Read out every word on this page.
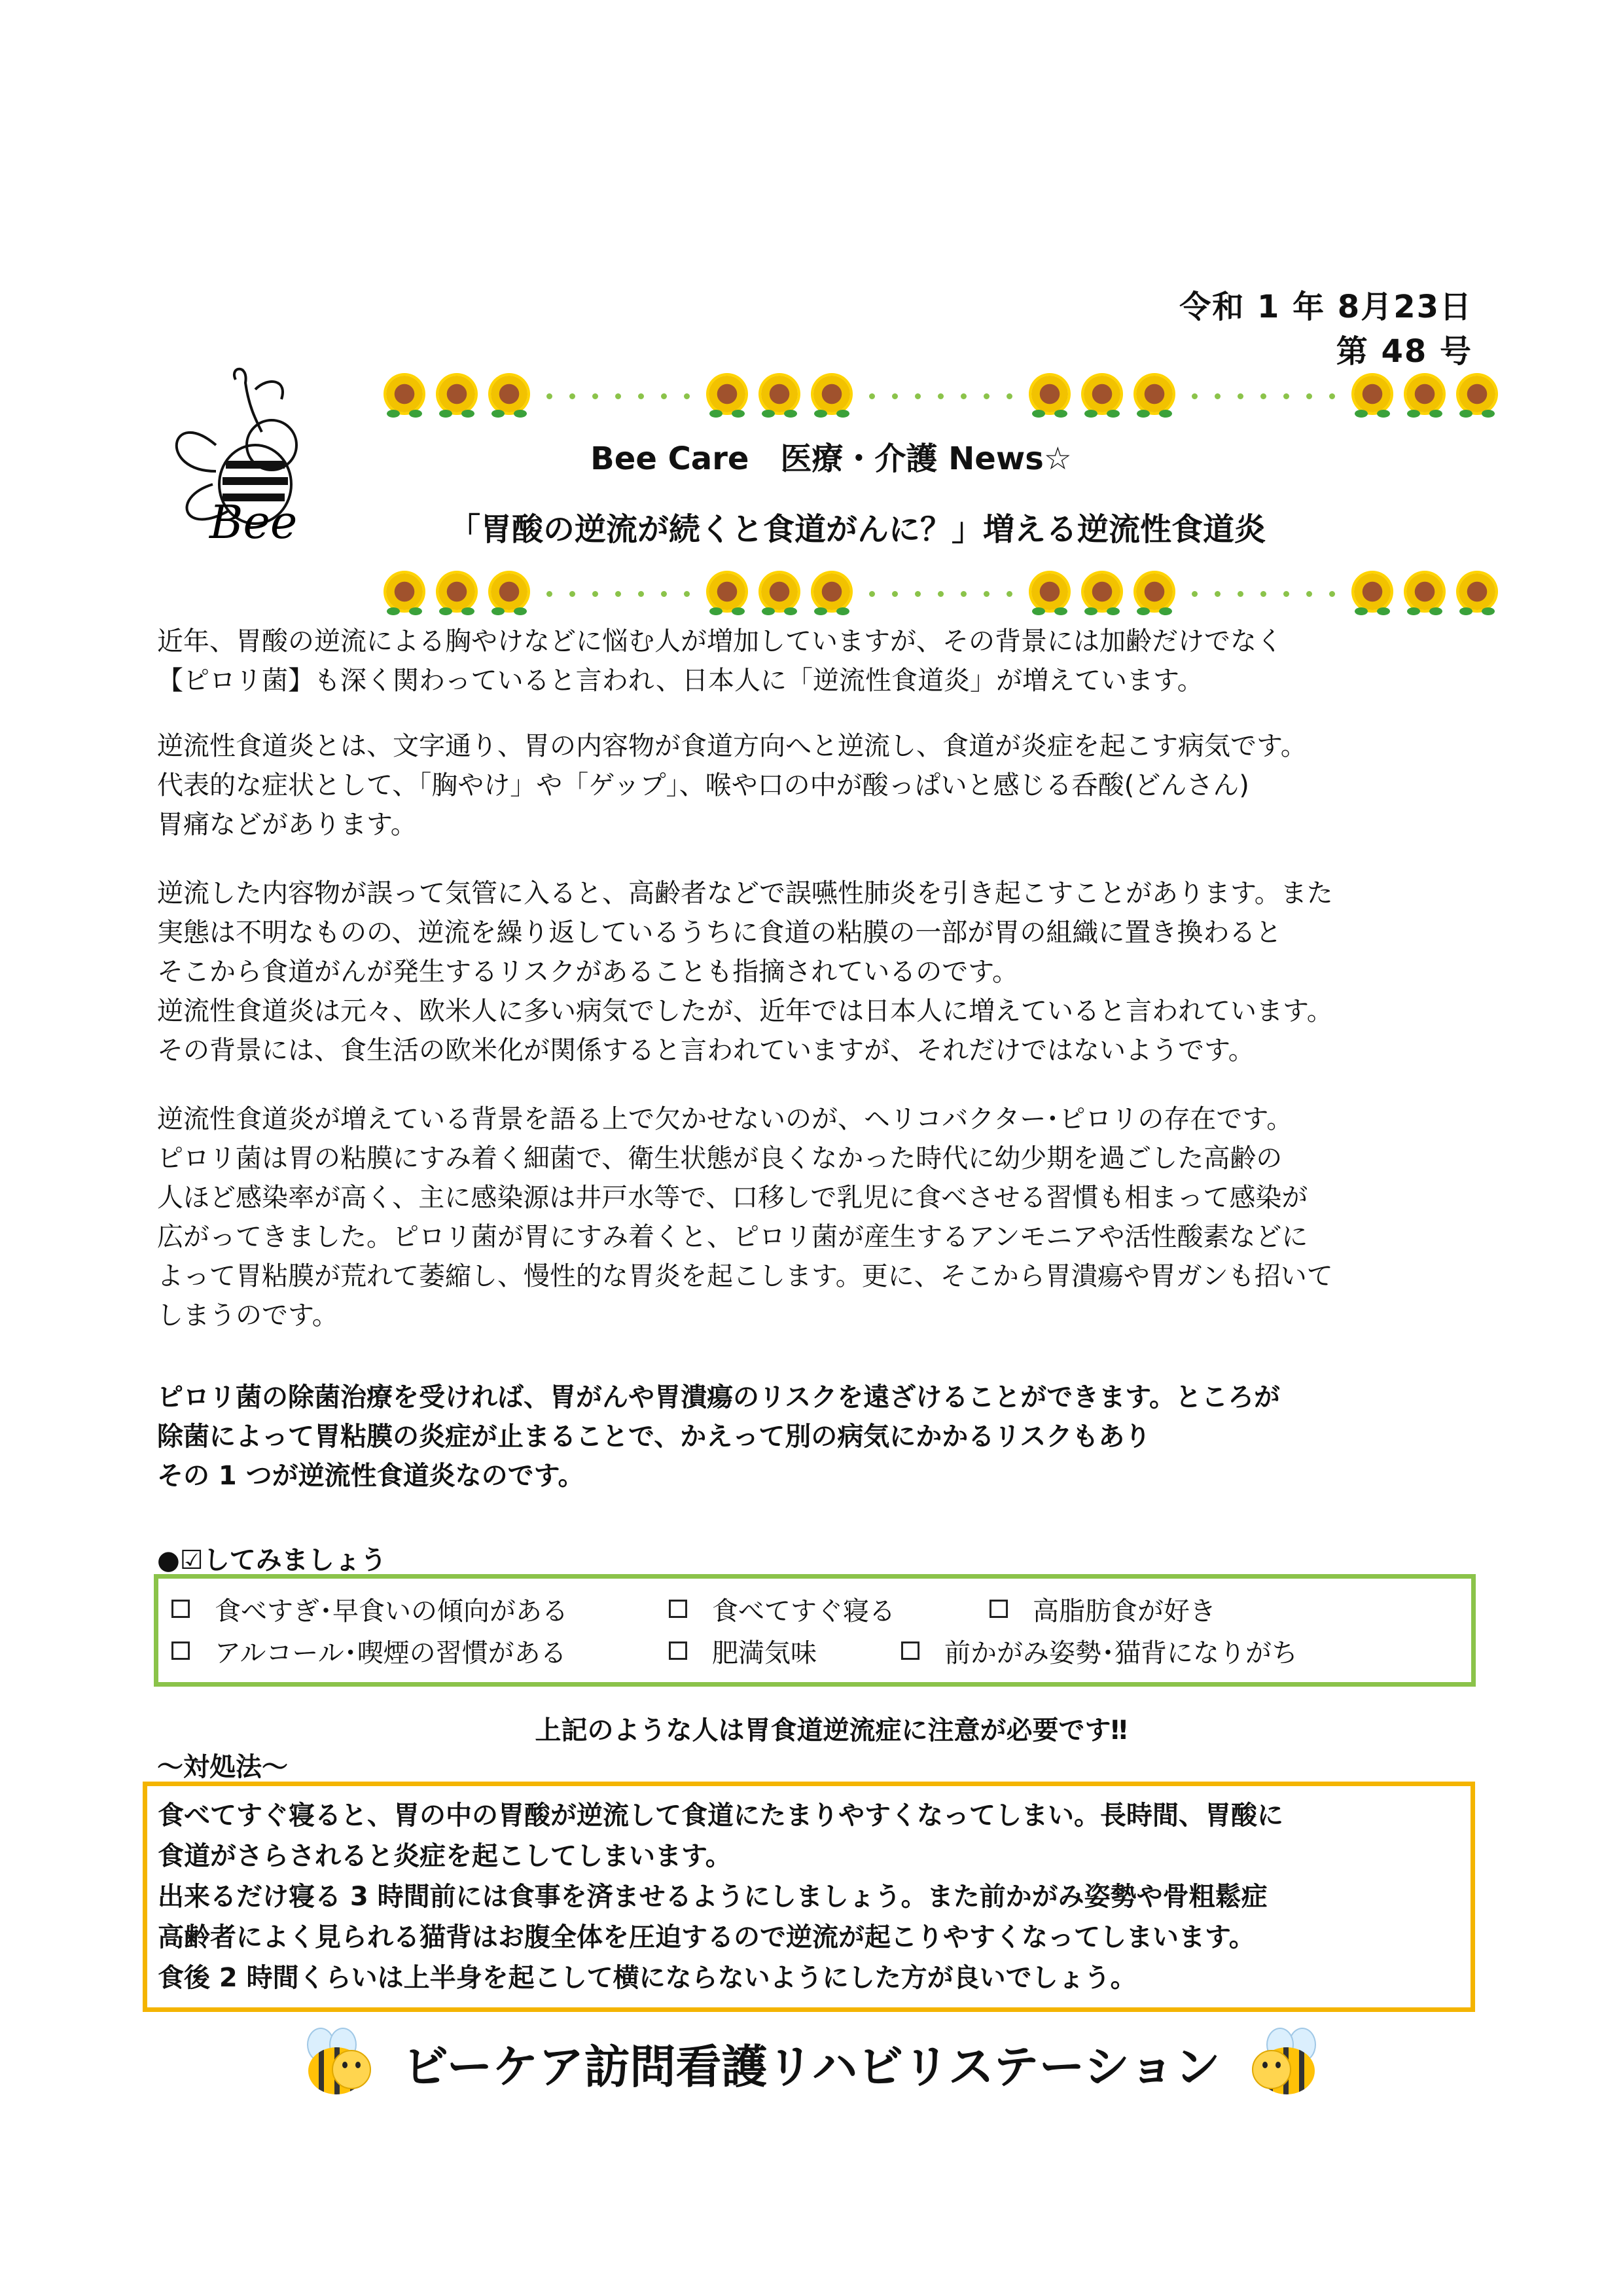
令和 1 年 8月23日
第 48 号
Bee
Bee Care　医療・介護 News☆
「胃酸の逆流が続くと食道がんに？」増える逆流性食道炎

近年、胃酸の逆流による胸やけなどに悩む人が増加していますが、その背景には加齢だけでなく

【ピロリ菌】も深く関わっていると言われ、日本人に「逆流性食道炎」が増えています。

逆流性食道炎とは、文字通り、胃の内容物が食道方向へと逆流し、食道が炎症を起こす病気です。

代表的な症状として、「胸やけ」や「ゲップ」、喉や口の中が酸っぱいと感じる呑酸(どんさん)

胃痛などがあります。

逆流した内容物が誤って気管に入ると、高齢者などで誤嚥性肺炎を引き起こすことがあります。また

実態は不明なものの、逆流を繰り返しているうちに食道の粘膜の一部が胃の組織に置き換わると

そこから食道がんが発生するリスクがあることも指摘されているのです。

逆流性食道炎は元々、欧米人に多い病気でしたが、近年では日本人に増えていると言われています。

その背景には、食生活の欧米化が関係すると言われていますが、それだけではないようです。

逆流性食道炎が増えている背景を語る上で欠かせないのが、ヘリコバクター･ピロリの存在です。

ピロリ菌は胃の粘膜にすみ着く細菌で、衛生状態が良くなかった時代に幼少期を過ごした高齢の

人ほど感染率が高く、主に感染源は井戸水等で、口移しで乳児に食べさせる習慣も相まって感染が

広がってきました。ピロリ菌が胃にすみ着くと、ピロリ菌が産生するアンモニアや活性酸素などに

よって胃粘膜が荒れて萎縮し、慢性的な胃炎を起こします。更に、そこから胃潰瘍や胃ガンも招いて

しまうのです。

ピロリ菌の除菌治療を受ければ、胃がんや胃潰瘍のリスクを遠ざけることができます。ところが

除菌によって胃粘膜の炎症が止まることで、かえって別の病気にかかるリスクもあり

その 1 つが逆流性食道炎なのです。

●☑してみましょう
食べすぎ･早食いの傾向がある	食べてすぐ寝る	高脂肪食が好き
アルコール･喫煙の習慣がある	肥満気味	前かがみ姿勢･猫背になりがち
上記のような人は胃食道逆流症に注意が必要です‼
～対処法～

食べてすぐ寝ると、胃の中の胃酸が逆流して食道にたまりやすくなってしまい。長時間、胃酸に

食道がさらされると炎症を起こしてしまいます。

出来るだけ寝る 3 時間前には食事を済ませるようにしましょう。また前かがみ姿勢や骨粗鬆症

高齢者によく見られる猫背はお腹全体を圧迫するので逆流が起こりやすくなってしまいます。

食後 2 時間くらいは上半身を起こして横にならないようにした方が良いでしょう。

ビーケア訪問看護リハビリステーション
